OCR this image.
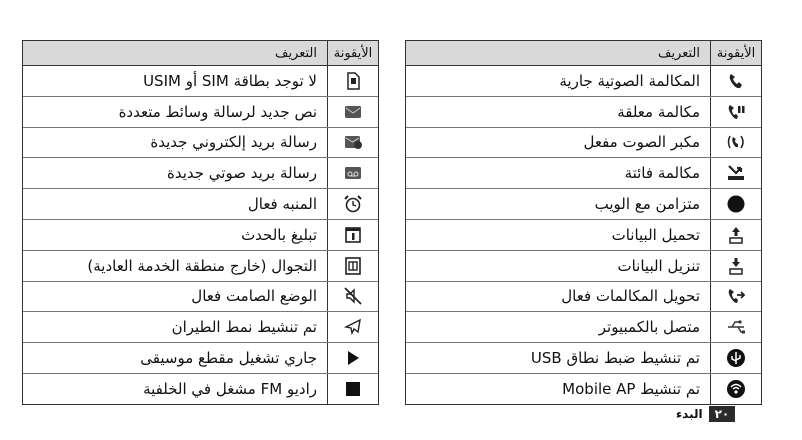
الأيقونة
التعريف
المكالمة الصوتية جارية
مكالمة معلقة
مكبر الصوت مفعل
مكالمة فائتة
متزامن مع الويب
تحميل البيانات
تنزيل البيانات
تحويل المكالمات فعال
متصل بالكمبيوتر
تم تنشيط ضبط نطاق USB
تم تنشيط Mobile AP
الأيقونة
التعريف
لا توجد بطاقة SIM أو USIM
نص جديد لرسالة وسائط متعددة
رسالة بريد إلكتروني جديدة
رسالة بريد صوتي جديدة
المنبه فعال
تبليغ بالحدث
التجوال (خارج منطقة الخدمة العادية)
الوضع الصامت فعال
تم تنشيط نمط الطيران
جاري تشغيل مقطع موسيقى
راديو FM مشغل في الخلفية
٢٠
البدء
